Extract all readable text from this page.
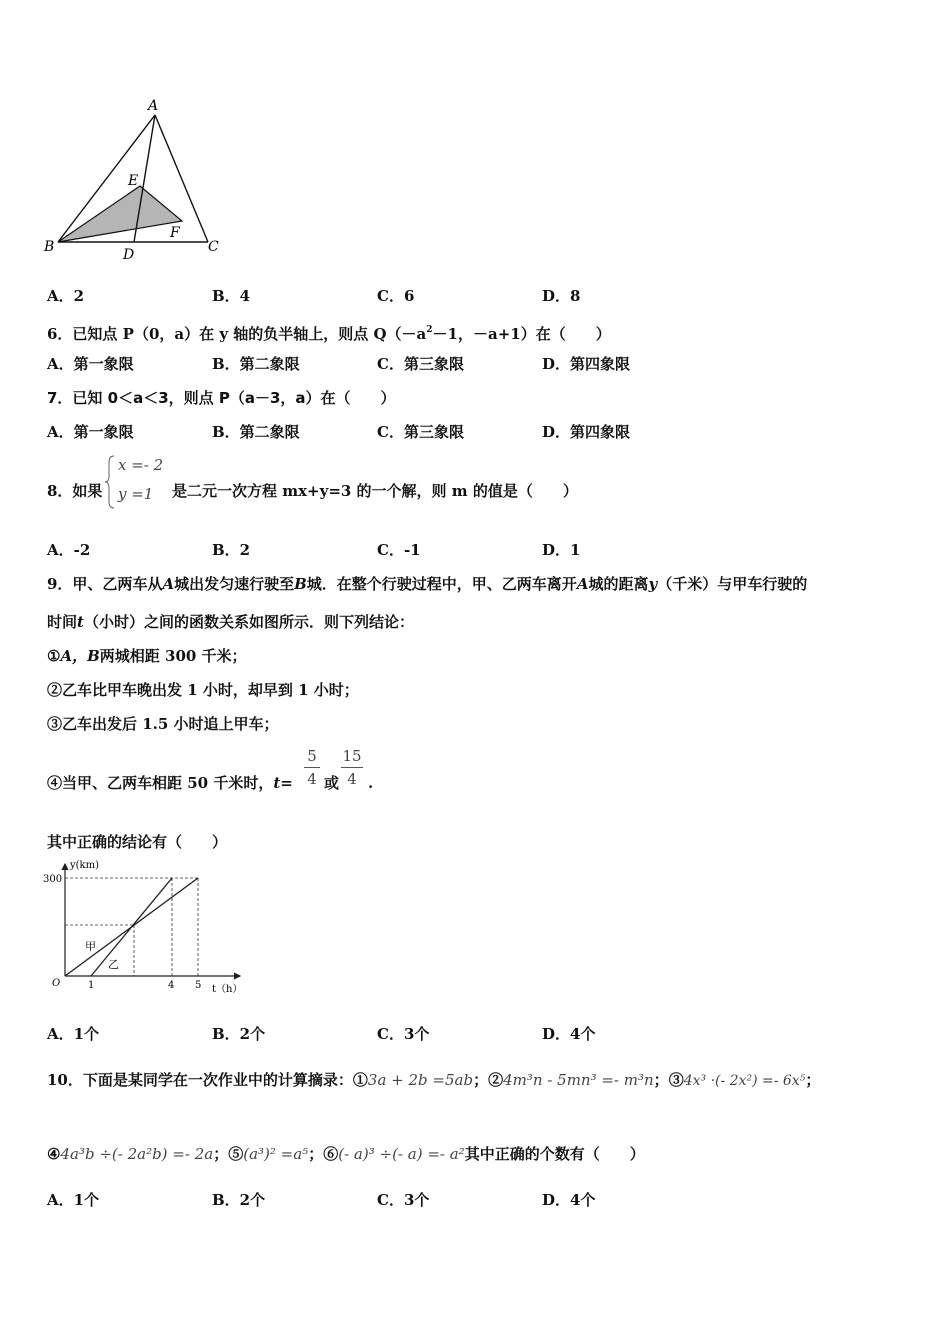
A
E
F
B	D	C
A．2	B．4	C．6	D．8
6．已知点 P（0，a）在 y 轴的负半轴上，则点 $Q(-a^2-1$，－a+1）在（　　）
A．第一象限	B．第二象限	C．第三象限	D．第四象限
7．已知 0＜a＜3，则点 P（a－3，a）在（　　）
A．第一象限	B．第二象限	C．第三象限	D．第四象限
8．如果
x =- 2
y =1 是二元一次方程 mx+y=3 的一个解，则 m 的值是（　　）
A．-2	B．2	C．-1	D．1
9．甲、乙两车从A城出发匀速行驶至B城．在整个行驶过程中，甲、乙两车离开A城的距离y（千米）与甲车行驶的
时间t（小时）之间的函数关系如图所示．则下列结论：
①A，B两城相距 300 千米；
②乙车比甲车晚出发 1 小时，却早到 1 小时；
③乙车出发后 1.5 小时追上甲车；
④当甲、乙两车相距 50 千米时，t=
5
4 或
15
4 .
其中正确的结论有（　　）
y(km)
300
O	1	4 5 t（h）
甲
乙
A．1个	B．2个	C．3个	D．4个
10．下面是某同学在一次作业中的计算摘录：①3a + 2b =5ab；②4m³n - 5mn³ =- m³n；③4x³ ·(- 2x²) =- 6x⁵；
④4a³b ÷(- 2a²b) =- 2a；⑤(a³)² =a⁵；⑥(- a)³ ÷(- a) =- a²其中正确的个数有（　　）
A．1个	B．2个	C．3个	D．4个
